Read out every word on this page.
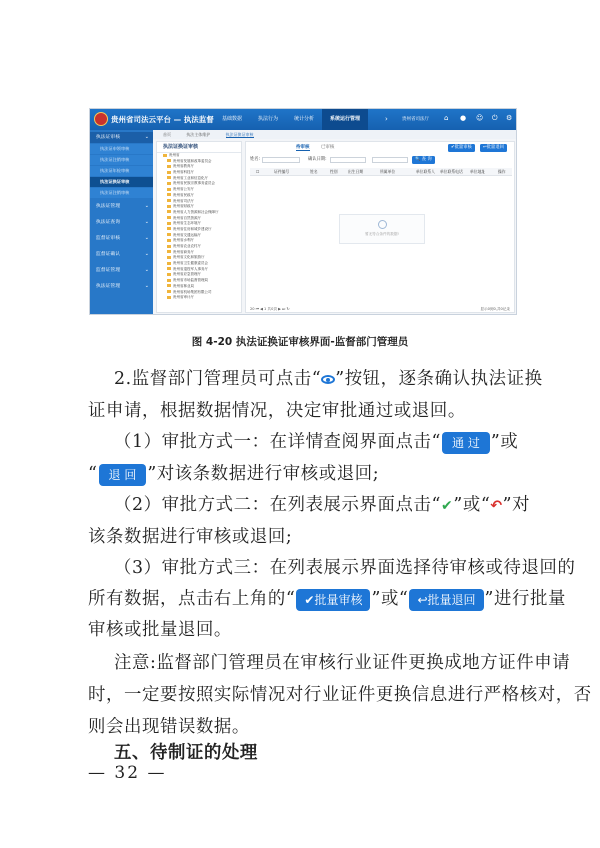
贵州省司法云平台 — 执法监督	基础数据	执法行为	统计分析	系统运行管理	›	贵州省司法厅 ⌂ ● ☺ ⏻ ⚙
执法证审核	⌄
执法证申领审核
执法证注销审核
执法证年检审核
执法证换证审核
执法证注销审核
执法证管理	⌄
执法证查询	⌄
监督证审核	⌄
监督证确认	⌄
监督证管理	⌄
执法证管理	⌄
首页	执法主体维护	执法证换证审核
执法证换证审核
贵州省
贵州省发展和改革委员会
贵州省教育厅
贵州省科技厅
贵州省工业和信息化厅
贵州省民族宗教事务委员会
贵州省公安厅
贵州省民政厅
贵州省司法厅
贵州省财政厅
贵州省人力资源和社会保障厅
贵州省自然资源厅
贵州省生态环境厅
贵州省住房和城乡建设厅
贵州省交通运输厅
贵州省水利厅
贵州省农业农村厅
贵州省商务厅
贵州省文化和旅游厅
贵州省卫生健康委员会
贵州省退役军人事务厅
贵州省应急管理厅
贵州省市场监督管理局
贵州省林业局
贵州省机场集团有限公司
贵州省审计厅
待审核	已审核	✔批量审核	↩批量退回
姓名:	确认日期:	🔍 查 询
☐	证件编号	姓名	性别	出生日期	所属单位	单位联系人 单位联系电话 单位地址	操作
暂无符合条件的数据!
20 ⏮ ◀ 1 共0页 ▶ ⏭ ↻	显示0到0,共0记录
图 4-20 执法证换证审核界面-监督部门管理员
2.监督部门管理员可点击“ ”按钮，逐条确认执法证换
证申请，根据数据情况，决定审批通过或退回。
（1）审批方式一：在详情查阅界面点击“ 通 过 ”或
“ 退 回 ”对该条数据进行审核或退回;
（2）审批方式二：在列表展示界面点击“✔”或“↶”对
该条数据进行审核或退回;
（3）审批方式三：在列表展示界面选择待审核或待退回的
所有数据，点击右上角的“ ✔批量审核 ”或“ ↩批量退回 ”进行批量
审核或批量退回。
注意:监督部门管理员在审核行业证件更换成地方证件申请
时，一定要按照实际情况对行业证件更换信息进行严格核对，否
则会出现错误数据。
五、待制证的处理
— 32 —
